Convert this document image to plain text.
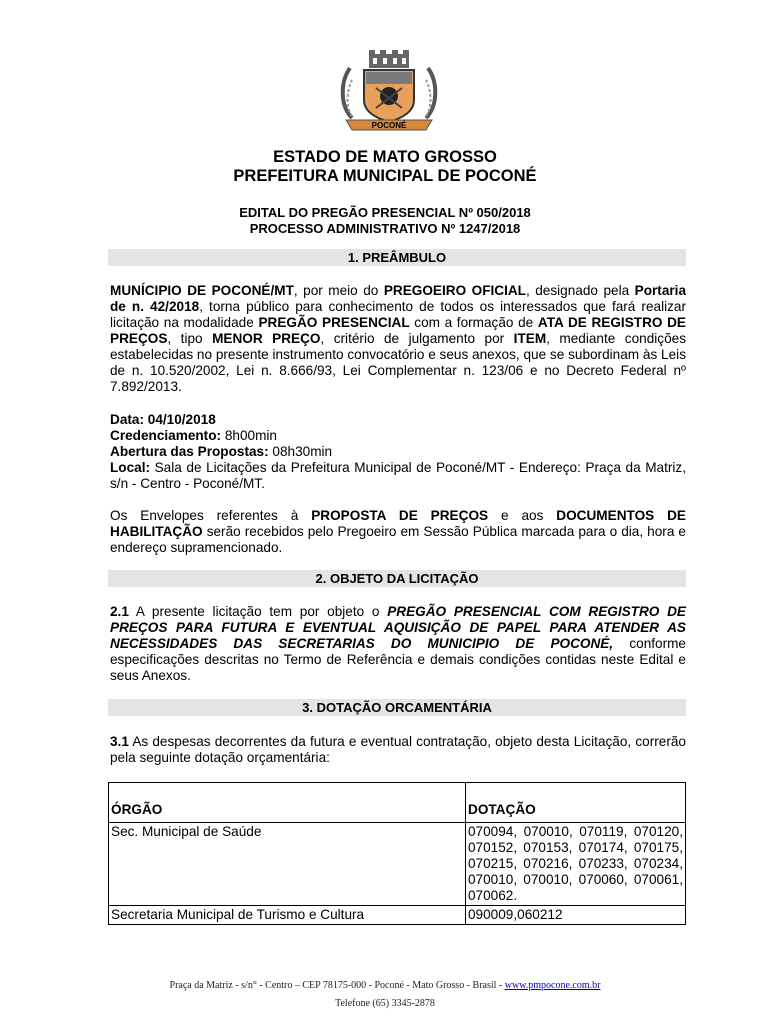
POCONÉ
ESTADO DE MATO GROSSO
PREFEITURA MUNICIPAL DE POCONÉ
EDITAL DO PREGÃO PRESENCIAL Nº 050/2018
PROCESSO ADMINISTRATIVO Nº 1247/2018
1. PREÂMBULO
MUNÍCIPIO DE POCONÉ/MT, por meio do PREGOEIRO OFICIAL, designado pela Portaria de n. 42/2018, torna público para conhecimento de todos os interessados que fará realizar licitação na modalidade PREGÃO PRESENCIAL com a formação de ATA DE REGISTRO DE PREÇOS, tipo MENOR PREÇO, critério de julgamento por ITEM, mediante condições estabelecidas no presente instrumento convocatório e seus anexos, que se subordinam às Leis de n. 10.520/2002, Lei n. 8.666/93, Lei Complementar n. 123/06 e no Decreto Federal nº 7.892/2013.
Data: 04/10/2018
Credenciamento: 8h00min
Abertura das Propostas: 08h30min
Local: Sala de Licitações da Prefeitura Municipal de Poconé/MT - Endereço: Praça da Matriz, s/n - Centro - Poconé/MT.
Os Envelopes referentes à PROPOSTA DE PREÇOS e aos DOCUMENTOS DE HABILITAÇÃO serão recebidos pelo Pregoeiro em Sessão Pública marcada para o dia, hora e endereço supramencionado.
2. OBJETO DA LICITAÇÃO
2.1 A presente licitação tem por objeto o PREGÃO PRESENCIAL COM REGISTRO DE PREÇOS PARA FUTURA E EVENTUAL AQUISIÇÃO DE PAPEL PARA ATENDER AS NECESSIDADES DAS SECRETARIAS DO MUNICIPIO DE POCONÉ, conforme especificações descritas no Termo de Referência e demais condições contidas neste Edital e seus Anexos.
3. DOTAÇÃO ORCAMENTÁRIA
3.1 As despesas decorrentes da futura e eventual contratação, objeto desta Licitação, correrão pela seguinte dotação orçamentária:
ÓRGÃO	DOTAÇÃO
Sec. Municipal de Saúde	070094, 070010, 070119, 070120, 070152, 070153, 070174, 070175, 070215, 070216, 070233, 070234, 070010, 070010, 070060, 070061, 070062.
Secretaria Municipal de Turismo e Cultura	090009,060212
Praça da Matriz - s/n° - Centro – CEP 78175-000 - Poconé - Mato Grosso - Brasil - www.pmpocone.com.br
Telefone (65) 3345-2878
